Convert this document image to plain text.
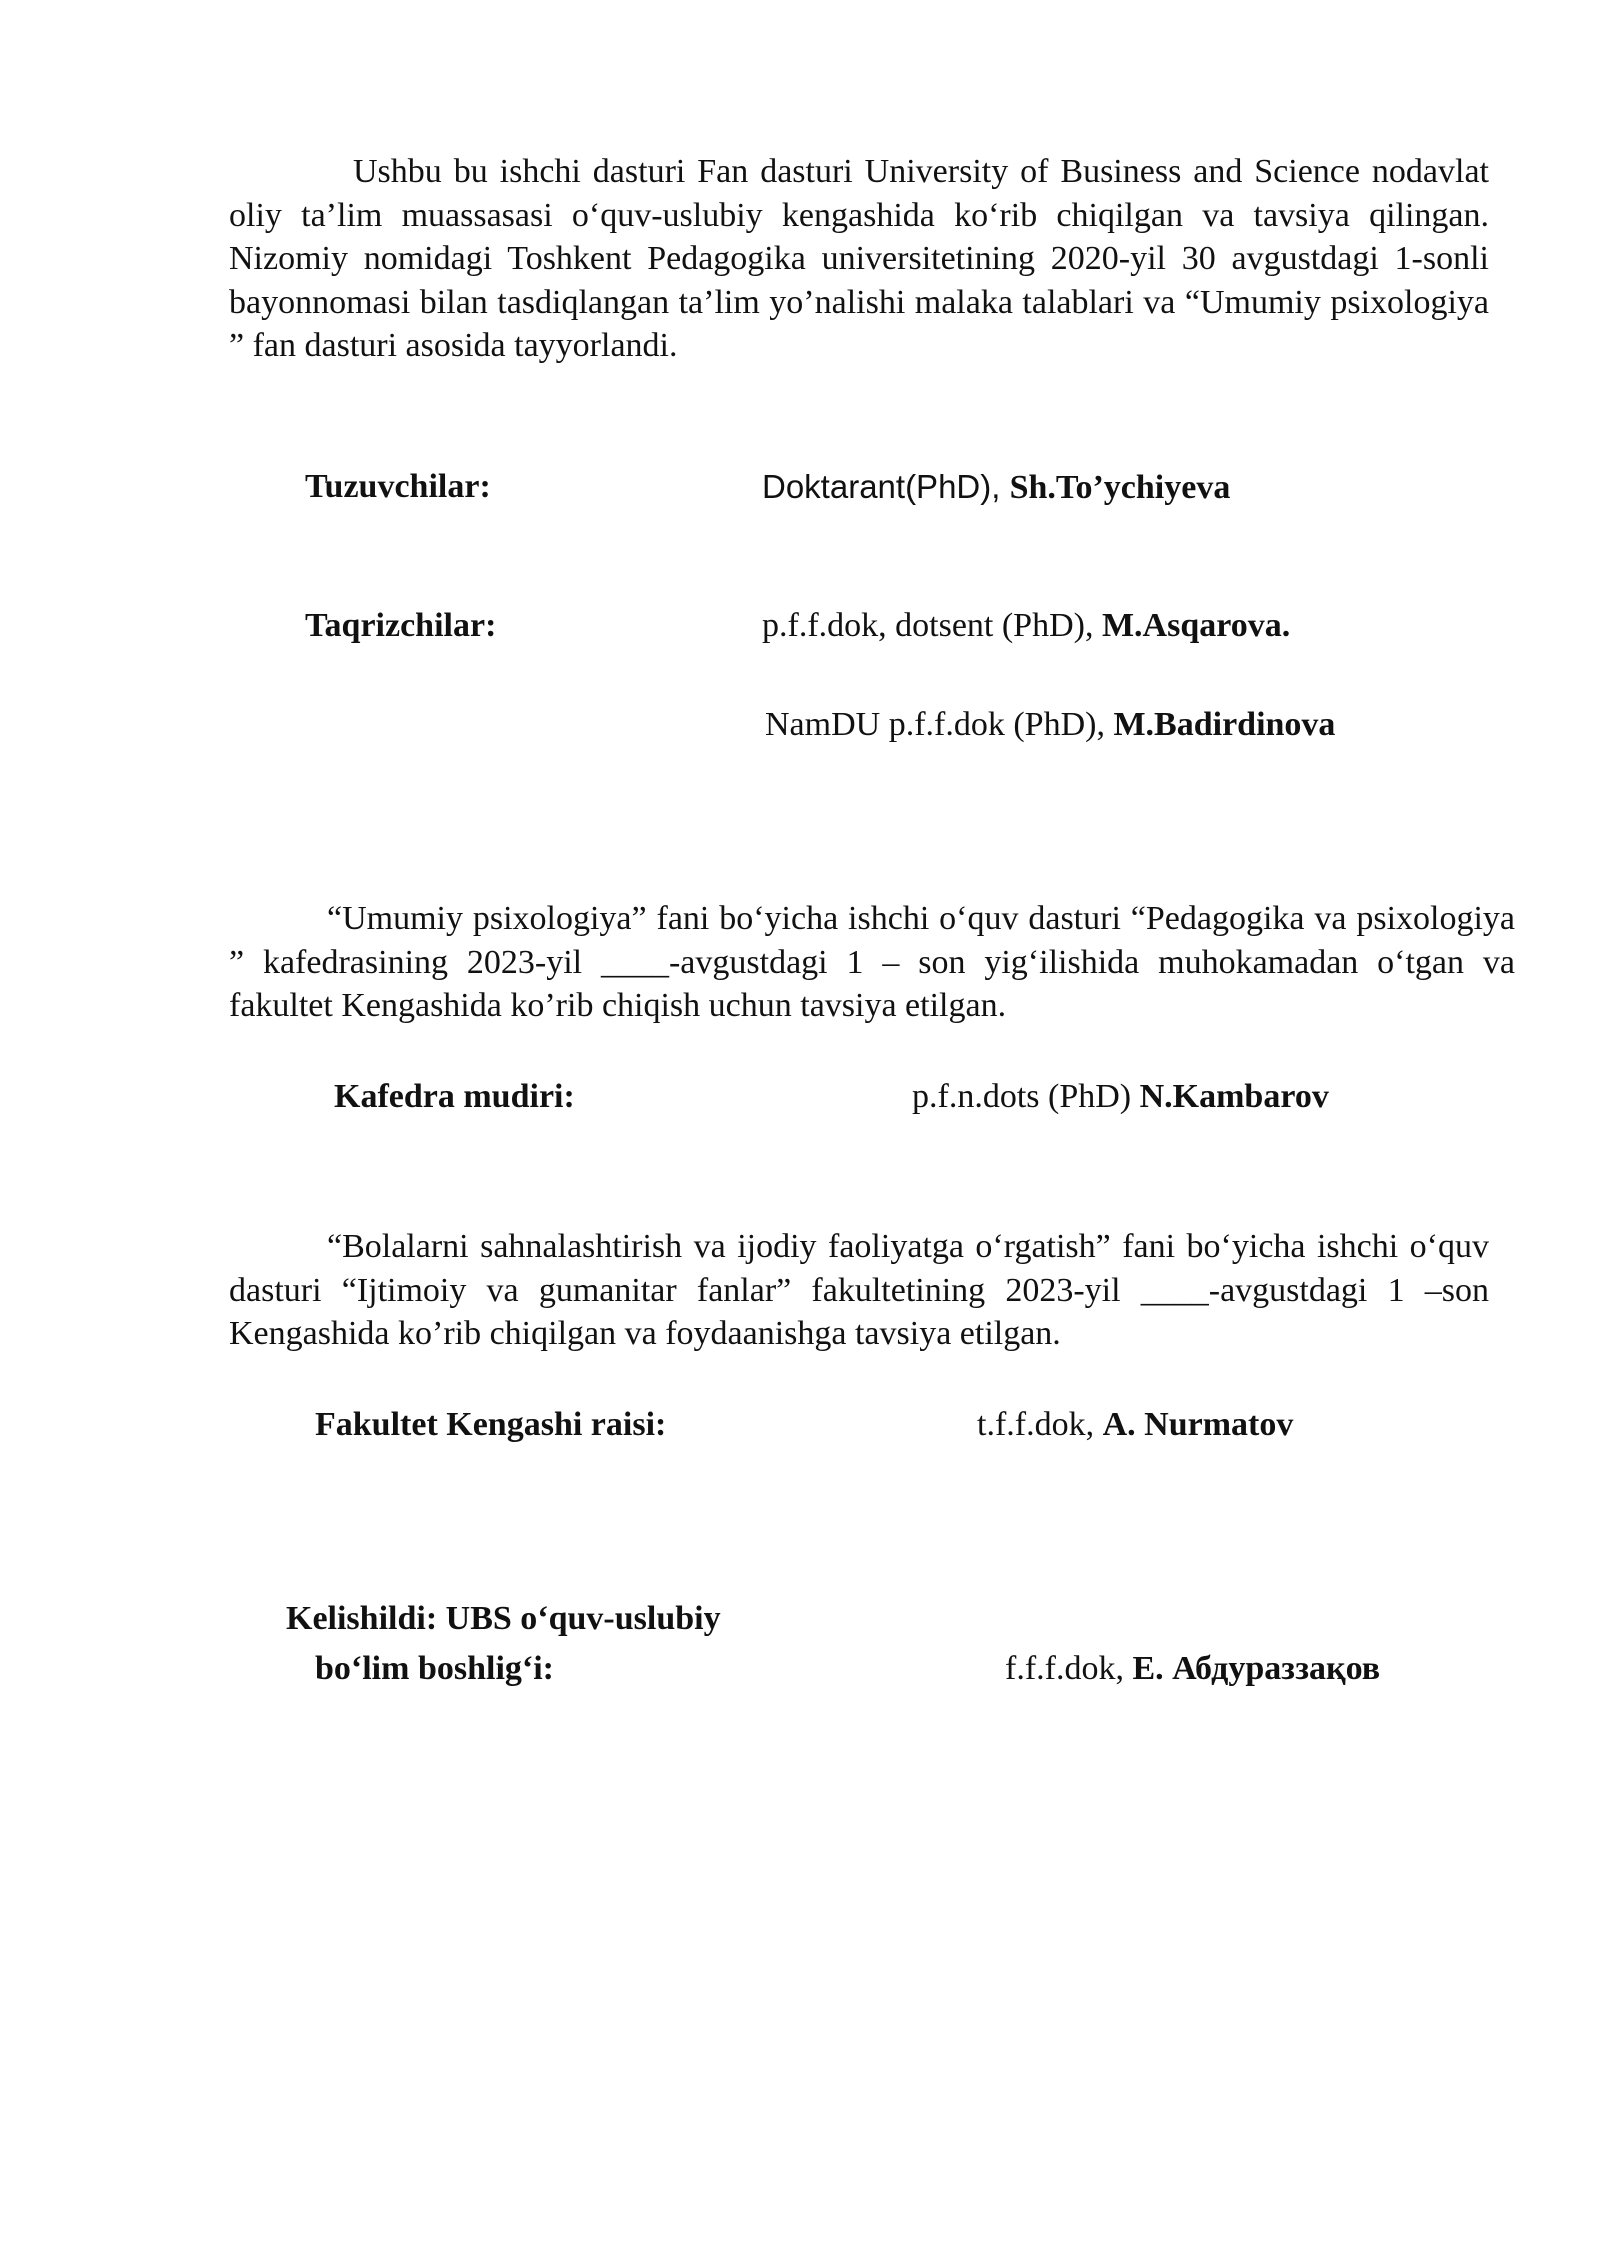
Ushbu bu ishchi dasturi Fan dasturi University of Business and Science nodavlat oliy ta’lim muassasasi o‘quv-uslubiy kengashida ko‘rib chiqilgan va tavsiya qilingan. Nizomiy nomidagi Toshkent Pedagogika universitetining 2020-yil 30 avgustdagi 1-sonli bayonnomasi bilan tasdiqlangan ta’lim yo’nalishi malaka talablari va “Umumiy psixologiya ” fan dasturi asosida tayyorlandi.

Tuzuvchilar:	Doktarant(PhD), Sh.To’ychiyeva

Taqrizchilar:	p.f.f.dok, dotsent (PhD), M.Asqarova.

NamDU p.f.f.dok (PhD), M.Badirdinova

“Umumiy psixologiya” fani bo‘yicha ishchi o‘quv dasturi “Pedagogika va psixologiya ” kafedrasining 2023-yil ____-avgustdagi 1 – son yig‘ilishida muhokamadan o‘tgan va fakultet Kengashida ko’rib chiqish uchun tavsiya etilgan.

Kafedra mudiri:	p.f.n.dots (PhD) N.Kambarov

“Bolalarni sahnalashtirish va ijodiy faoliyatga o‘rgatish” fani bo‘yicha ishchi o‘quv dasturi “Ijtimoiy va gumanitar fanlar” fakultetining 2023-yil ____-avgustdagi 1 –son Kengashida ko’rib chiqilgan va foydaanishga tavsiya etilgan.

Fakultet Kengashi raisi:	t.f.f.dok, A. Nurmatov

Kelishildi: UBS o‘quv-uslubiy

bo‘lim boshlig‘i:	f.f.f.dok, Е. Абдураззақов
